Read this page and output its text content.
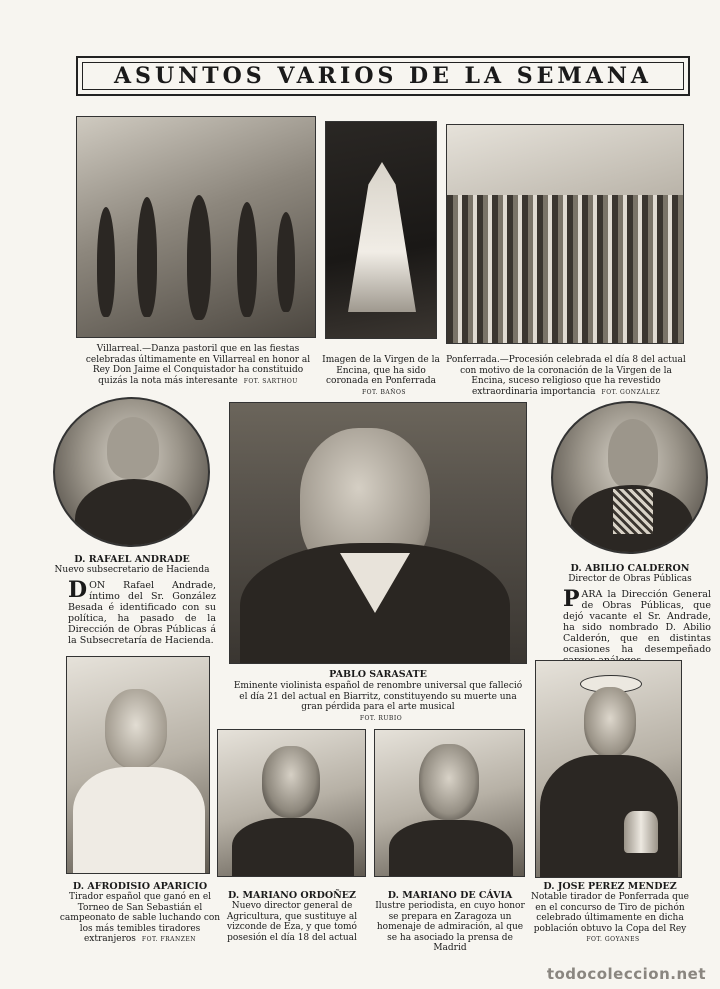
ASUNTOS VARIOS DE LA SEMANA
Villarreal.—Danza pastoril que en las fiestas celebradas últimamente en Villarreal en honor al Rey Don Jaime el Conquistador ha constituido quizás la nota más interesante FOT. SARTHOU
Imagen de la Virgen de la Encina, que ha sido coronada en Ponferrada
FOT. BAÑOS
Ponferrada.—Procesión celebrada el día 8 del actual con motivo de la coronación de la Virgen de la Encina, suceso religioso que ha revestido extraordinaria importancia FOT. GONZÁLEZ
D. RAFAEL ANDRADE
Nuevo subsecretario de Hacienda
DON Rafael Andrade, íntimo del Sr. González Besada é identificado con su política, ha pasado de la Dirección de Obras Públicas á la Subsecretaría de Hacienda.
PABLO SARASATE
Eminente violinista español de renombre universal que falleció el día 21 del actual en Biarritz, constituyendo su muerte una gran pérdida para el arte musical
FOT. RUBIO
D. ABILIO CALDERON
Director de Obras Públicas
PARA la Dirección General de Obras Públicas, que dejó vacante el Sr. Andrade, ha sido nombrado D. Abilio Calderón, que en distintas ocasiones ha desempeñado
D. AFRODISIO APARICIO
Tirador español que ganó en el Torneo de San Sebastián el campeonato de sable luchando con los más temibles tiradores extranjeros FOT. FRANZEN
D. MARIANO ORDOÑEZ
Nuevo director general de Agricultura, que sustituye al vizconde de Eza, y que tomó posesión el día 18 del actual
D. MARIANO DE CÁVIA
Ilustre periodista, en cuyo honor se prepara en Zaragoza un homenaje de admiración, al que se ha asociado la prensa de Madrid
D. JOSE PEREZ MENDEZ
Notable tirador de Ponferrada que en el concurso de Tiro de pichón celebrado últimamente en dicha población obtuvo la Copa del Rey
FOT. GOYANES
todocoleccion.net
